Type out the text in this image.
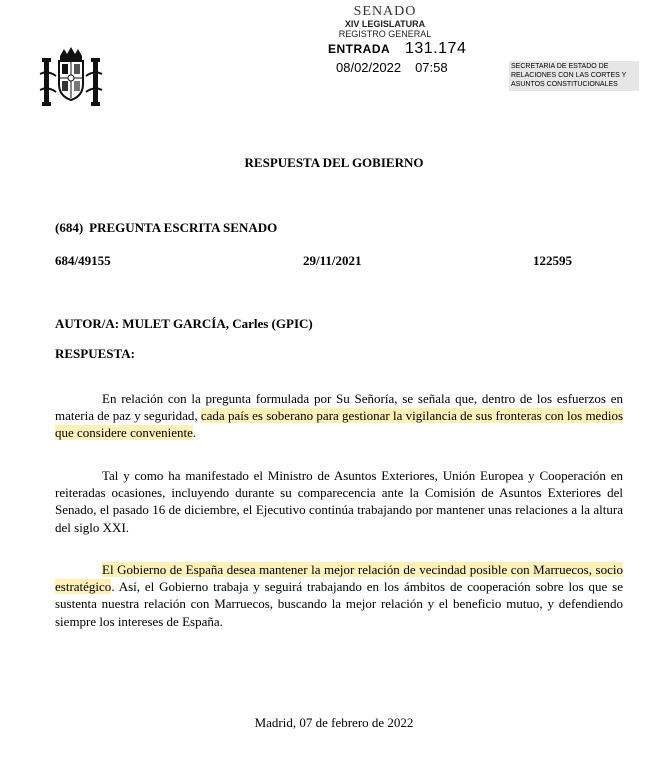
SENADO
XIV LEGISLATURA
REGISTRO GENERAL
ENTRADA 131.174
08/02/2022 07:58	SECRETARIA DE ESTADO DE
RELACIONES CON LAS CORTES Y
ASUNTOS CONSTITUCIONALES
RESPUESTA DEL GOBIERNO
(684) PREGUNTA ESCRITA SENADO
684/49155	29/11/2021	122595
AUTOR/A: MULET GARCÍA, Carles (GPIC)
RESPUESTA:
En relación con la pregunta formulada por Su Señoría, se señala que, dentro de los esfuerzos en materia de paz y seguridad, cada país es soberano para gestionar la vigilancia de sus fronteras con los medios que considere conveniente.
Tal y como ha manifestado el Ministro de Asuntos Exteriores, Unión Europea y Cooperación en reiteradas ocasiones, incluyendo durante su comparecencia ante la Comisión de Asuntos Exteriores del Senado, el pasado 16 de diciembre, el Ejecutivo continúa trabajando por mantener unas relaciones a la altura del siglo XXI.
El Gobierno de España desea mantener la mejor relación de vecindad posible con Marruecos, socio estratégico. Así, el Gobierno trabaja y seguirá trabajando en los ámbitos de cooperación sobre los que se sustenta nuestra relación con Marruecos, buscando la mejor relación y el beneficio mutuo, y defendiendo siempre los intereses de España.
Madrid, 07 de febrero de 2022
